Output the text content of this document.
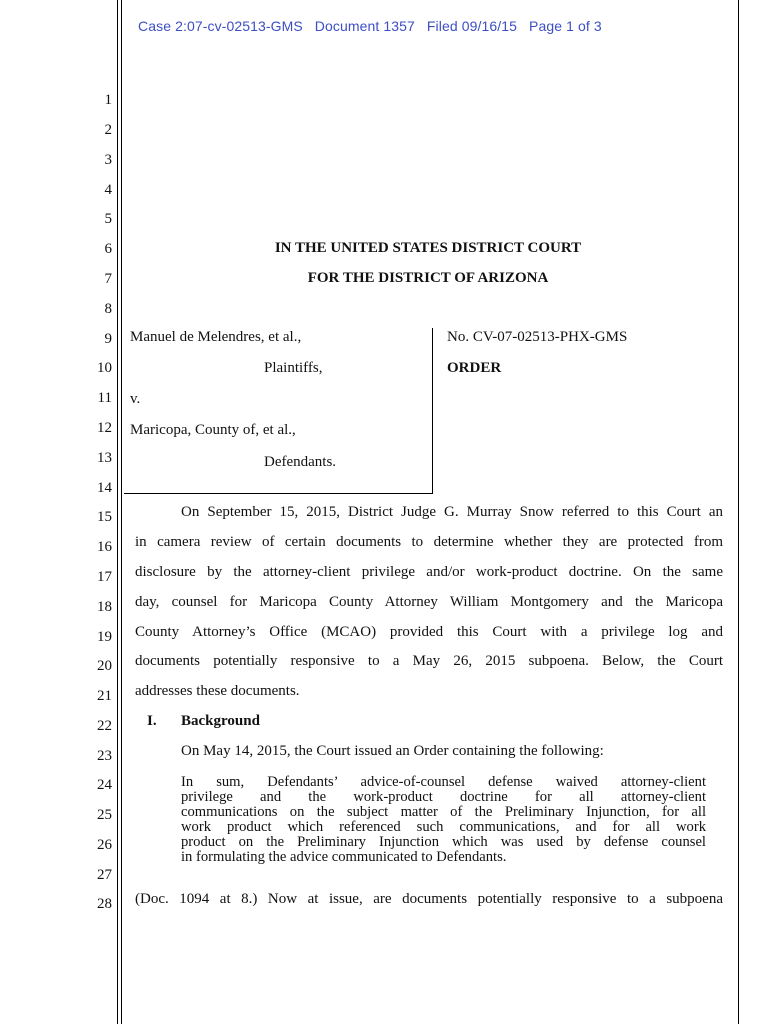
Case 2:07-cv-02513-GMS   Document 1357   Filed 09/16/15   Page 1 of 3
1
2
3
4
5
6
7
8
9
10
11
12
13
14
15
16
17
18
19
20
21
22
23
24
25
26
27
28
IN THE UNITED STATES DISTRICT COURT
FOR THE DISTRICT OF ARIZONA
Manuel de Melendres, et al.,
Plaintiffs,
v.
Maricopa, County of, et al.,
Defendants.
No. CV-07-02513-PHX-GMS
ORDER
On September 15, 2015, District Judge G. Murray Snow referred to this Court an
in camera review of certain documents to determine whether they are protected from
disclosure by the attorney-client privilege and/or work-product doctrine. On the same
day, counsel for Maricopa County Attorney William Montgomery and the Maricopa
County Attorney’s Office (MCAO) provided this Court with a privilege log and
documents potentially responsive to a May 26, 2015 subpoena. Below, the Court
addresses these documents.
I. Background
On May 14, 2015, the Court issued an Order containing the following:
In sum, Defendants’ advice-of-counsel defense waived attorney-client
privilege and the work-product doctrine for all attorney-client
communications on the subject matter of the Preliminary Injunction, for all
work product which referenced such communications, and for all work
product on the Preliminary Injunction which was used by defense counsel
in formulating the advice communicated to Defendants.
(Doc. 1094 at 8.) Now at issue, are documents potentially responsive to a subpoena
